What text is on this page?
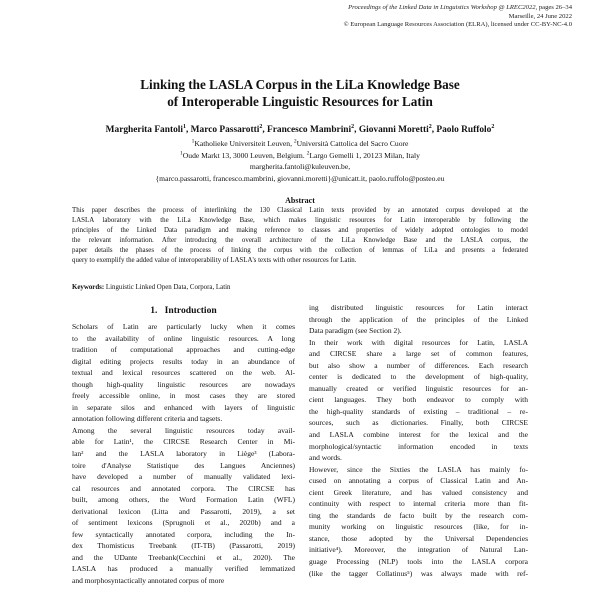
Proceedings of the Linked Data in Linguistics Workshop @ LREC2022, pages 26–34
Marseille, 24 June 2022
© European Language Resources Association (ELRA), licensed under CC-BY-NC-4.0
Linking the LASLA Corpus in the LiLa Knowledge Base
of Interoperable Linguistic Resources for Latin
Margherita Fantoli$^1$, Marco Passarotti$^2$, Francesco Mambrini$^2$, Giovanni Moretti$^2$, Paolo Ruffolo$^2$
$^1$Katholieke Universiteit Leuven, $^2$Università Cattolica del Sacro Cuore
$^1$Oude Markt 13, 3000 Leuven, Belgium. $^2$Largo Gemelli 1, 20123 Milan, Italy
margherita.fantoli@kuleuven.be,
{marco.passarotti, francesco.mambrini, giovanni.moretti}@unicatt.it, paolo.ruffolo@posteo.eu
Abstract
This paper describes the process of interlinking the 130 Classical Latin texts provided by an annotated corpus developed at the
LASLA laboratory with the LiLa Knowledge Base, which makes linguistic resources for Latin interoperable by following the
principles of the Linked Data paradigm and making reference to classes and properties of widely adopted ontologies to model
the relevant information. After introducing the overall architecture of the LiLa Knowledge Base and the LASLA corpus, the
paper details the phases of the process of linking the corpus with the collection of lemmas of LiLa and presents a federated
query to exemplify the added value of interoperability of LASLA's texts with other resources for Latin.
Keywords: Linguistic Linked Open Data, Corpora, Latin
1. Introduction
Scholars of Latin are particularly lucky when it comes
to the availability of online linguistic resources. A long
tradition of computational approaches and cutting-edge
digital editing projects results today in an abundance of
textual and lexical resources scattered on the web. Al-
though high-quality linguistic resources are nowadays
freely accessible online, in most cases they are stored
in separate silos and enhanced with layers of linguistic
annotation following different criteria and tagsets.
Among the several linguistic resources today avail-
able for Latin¹, the CIRCSE Research Center in Mi-
lan² and the LASLA laboratory in Liège³ (Labora-
toire d'Analyse Statistique des Langues Anciennes)
have developed a number of manually validated lexi-
cal resources and annotated corpora. The CIRCSE has
built, among others, the Word Formation Latin (WFL)
derivational lexicon (Litta and Passarotti, 2019), a set
of sentiment lexicons (Sprugnoli et al., 2020b) and a
few syntactically annotated corpora, including the In-
dex Thomisticus Treebank (IT-TB) (Passarotti, 2019)
and the UDante Treebank(Cecchini et al., 2020). The
LASLA has produced a manually verified lemmatized
and morphosyntactically annotated corpus of more
ing distributed linguistic resources for Latin interact
through the application of the principles of the Linked
Data paradigm (see Section 2).
In their work with digital resources for Latin, LASLA
and CIRCSE share a large set of common features,
but also show a number of differences. Each research
center is dedicated to the development of high-quality,
manually created or verified linguistic resources for an-
cient languages. They both endeavor to comply with
the high-quality standards of existing – traditional – re-
sources, such as dictionaries. Finally, both CIRCSE
and LASLA combine interest for the lexical and the
morphological/syntactic information encoded in texts
and words.
However, since the Sixties the LASLA has mainly fo-
cused on annotating a corpus of Classical Latin and An-
cient Greek literature, and has valued consistency and
continuity with respect to internal criteria more than fit-
ting the standards de facto built by the research com-
munity working on linguistic resources (like, for in-
stance, those adopted by the Universal Dependencies
initiative⁴). Moreover, the integration of Natural Lan-
guage Processing (NLP) tools into the LASLA corpora
(like the tagger Collatinus⁵) was always made with ref-
